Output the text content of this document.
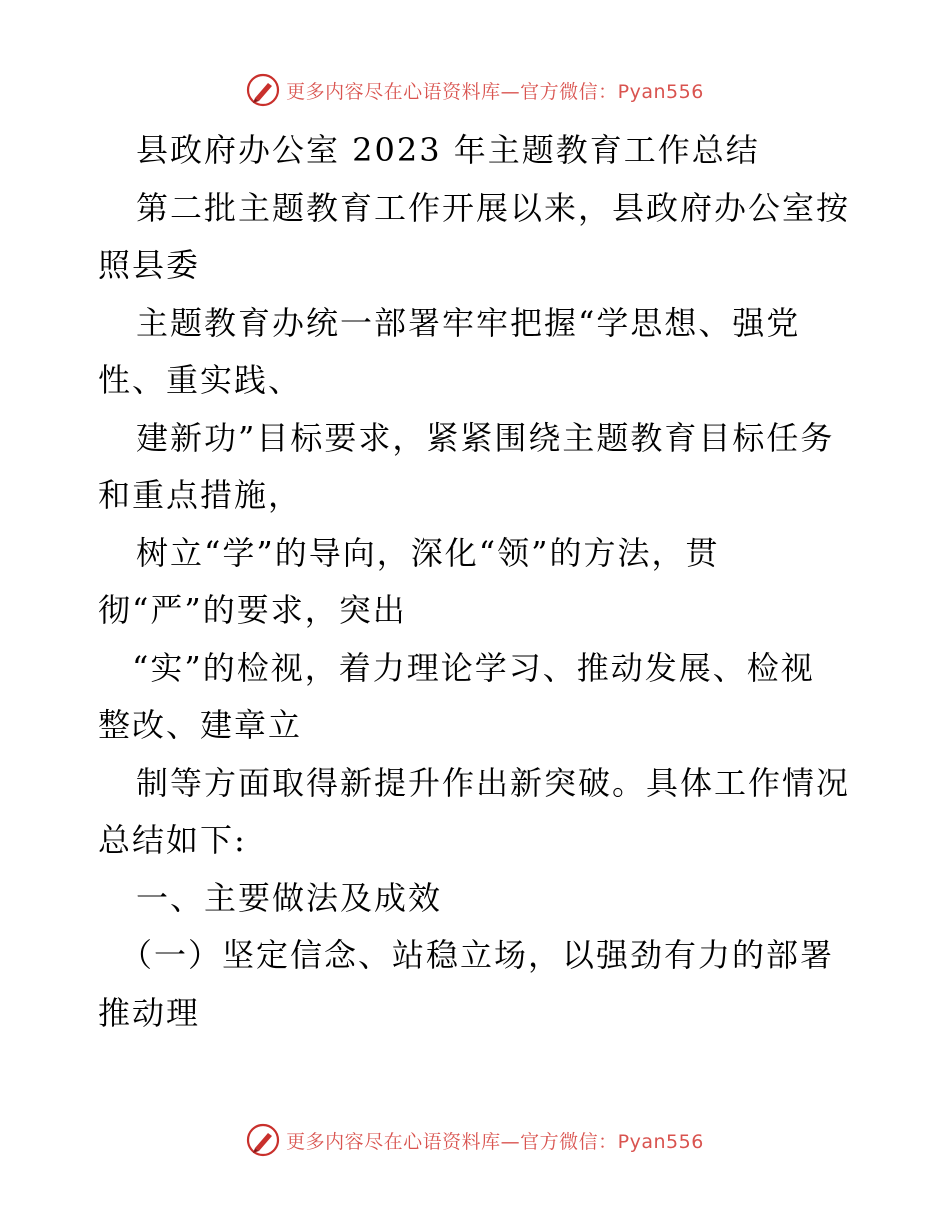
更多内容尽在心语资料库—官方微信：Pyan556
县政府办公室 2023 年主题教育工作总结
第二批主题教育工作开展以来，县政府办公室按
照县委
主题教育办统一部署牢牢把握“学思想、强党
性、重实践、
建新功”目标要求，紧紧围绕主题教育目标任务
和重点措施，
树立“学”的导向，深化“领”的方法，贯
彻“严”的要求，突出
“实”的检视，着力理论学习、推动发展、检视
整改、建章立
制等方面取得新提升作出新突破。具体工作情况
总结如下:
一、主要做法及成效
（一）坚定信念、站稳立场，以强劲有力的部署
推动理
更多内容尽在心语资料库—官方微信：Pyan556
